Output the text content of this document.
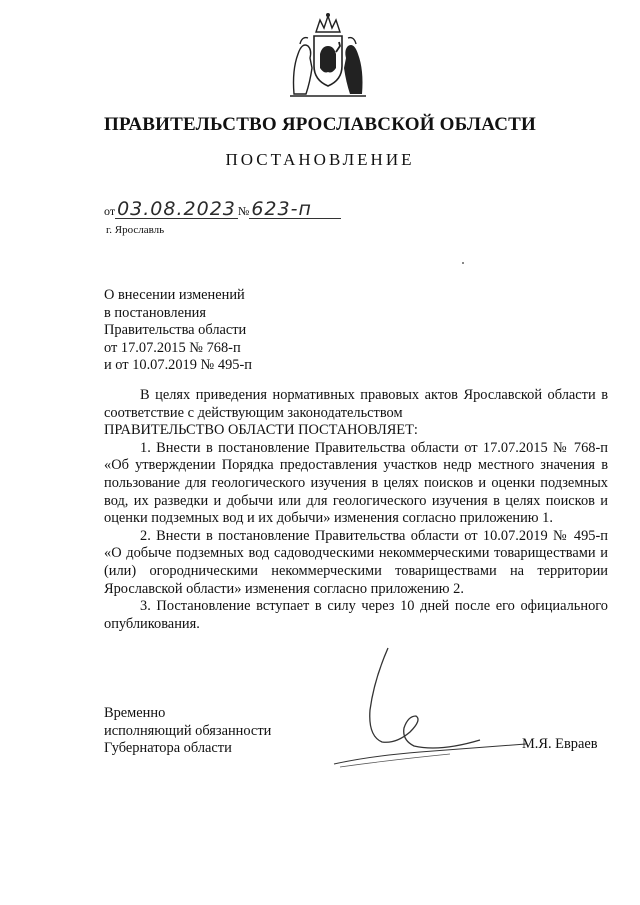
ПРАВИТЕЛЬСТВО ЯРОСЛАВСКОЙ ОБЛАСТИ
ПОСТАНОВЛЕНИЕ
от 03.08.2023 № 623-п
г. Ярославль
О внесении изменений
в постановления
Правительства области
от 17.07.2015 № 768-п
и от 10.07.2019 № 495-п

В целях приведения нормативных правовых актов Ярославской области в соответствие с действующим законодательством

ПРАВИТЕЛЬСТВО ОБЛАСТИ ПОСТАНОВЛЯЕТ:

1. Внести в постановление Правительства области от 17.07.2015 № 768-п «Об утверждении Порядка предоставления участков недр местного значения в пользование для геологического изучения в целях поисков и оценки подземных вод, их разведки и добычи или для геологического изучения в целях поисков и оценки подземных вод и их добычи» изменения согласно приложению 1.

2. Внести в постановление Правительства области от 10.07.2019 № 495-п «О добыче подземных вод садоводческими некоммерческими товариществами и (или) огородническими некоммерческими товариществами на территории Ярославской области» изменения согласно приложению 2.

3. Постановление вступает в силу через 10 дней после его официального опубликования.

Временно
исполняющий обязанности
Губернатора области	М.Я. Евраев
